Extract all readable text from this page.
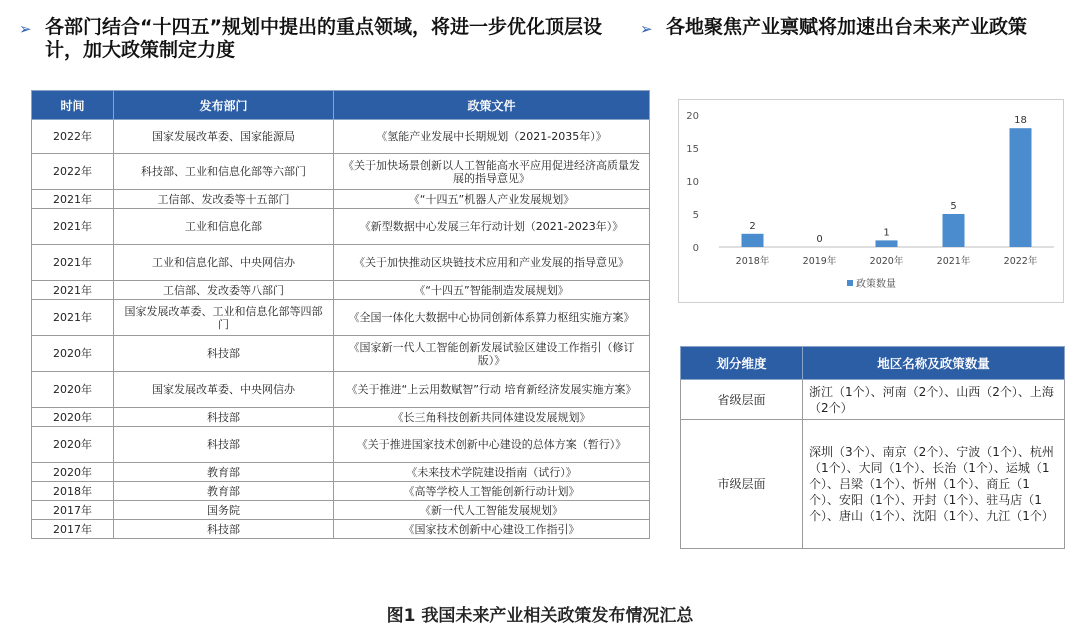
➢ 各部门结合“十四五”规划中提出的重点领域，将进一步优化顶层设计，加大政策制定力度
➢ 各地聚焦产业禀赋将加速出台未来产业政策
时间	发布部门	政策文件
2022年	国家发展改革委、国家能源局	《氢能产业发展中长期规划（2021-2035年）》
2022年	科技部、工业和信息化部等六部门	《关于加快场景创新以人工智能高水平应用促进经济高质量发展的指导意见》
2021年	工信部、发改委等十五部门	《“十四五”机器人产业发展规划》
2021年	工业和信息化部	《新型数据中心发展三年行动计划（2021-2023年）》
2021年	工业和信息化部、中央网信办	《关于加快推动区块链技术应用和产业发展的指导意见》
2021年	工信部、发改委等八部门	《“十四五”智能制造发展规划》
2021年	国家发展改革委、工业和信息化部等四部门	《全国一体化大数据中心协同创新体系算力枢纽实施方案》
2020年	科技部	《国家新一代人工智能创新发展试验区建设工作指引（修订版）》
2020年	国家发展改革委、中央网信办	《关于推进“上云用数赋智”行动 培育新经济发展实施方案》
2020年	科技部	《长三角科技创新共同体建设发展规划》
2020年	科技部	《关于推进国家技术创新中心建设的总体方案（暂行）》
2020年	教育部	《未来技术学院建设指南（试行）》
2018年	教育部	《高等学校人工智能创新行动计划》
2017年	国务院	《新一代人工智能发展规划》
2017年	科技部	《国家技术创新中心建设工作指引》
0
5
10
15
20
2
2018年
0
2019年
1
2020年
5
2021年
18
2022年
政策数量
划分维度	地区名称及政策数量
省级层面	浙江（1个）、河南（2个）、山西（2个）、上海（2个）
市级层面	深圳（3个）、南京（2个）、宁波（1个）、杭州（1个）、大同（1个）、长治（1个）、运城（1个）、吕梁（1个）、忻州（1个）、商丘（1个）、安阳（1个）、开封（1个）、驻马店（1个）、唐山（1个）、沈阳（1个）、九江（1个）
图1 我国未来产业相关政策发布情况汇总
